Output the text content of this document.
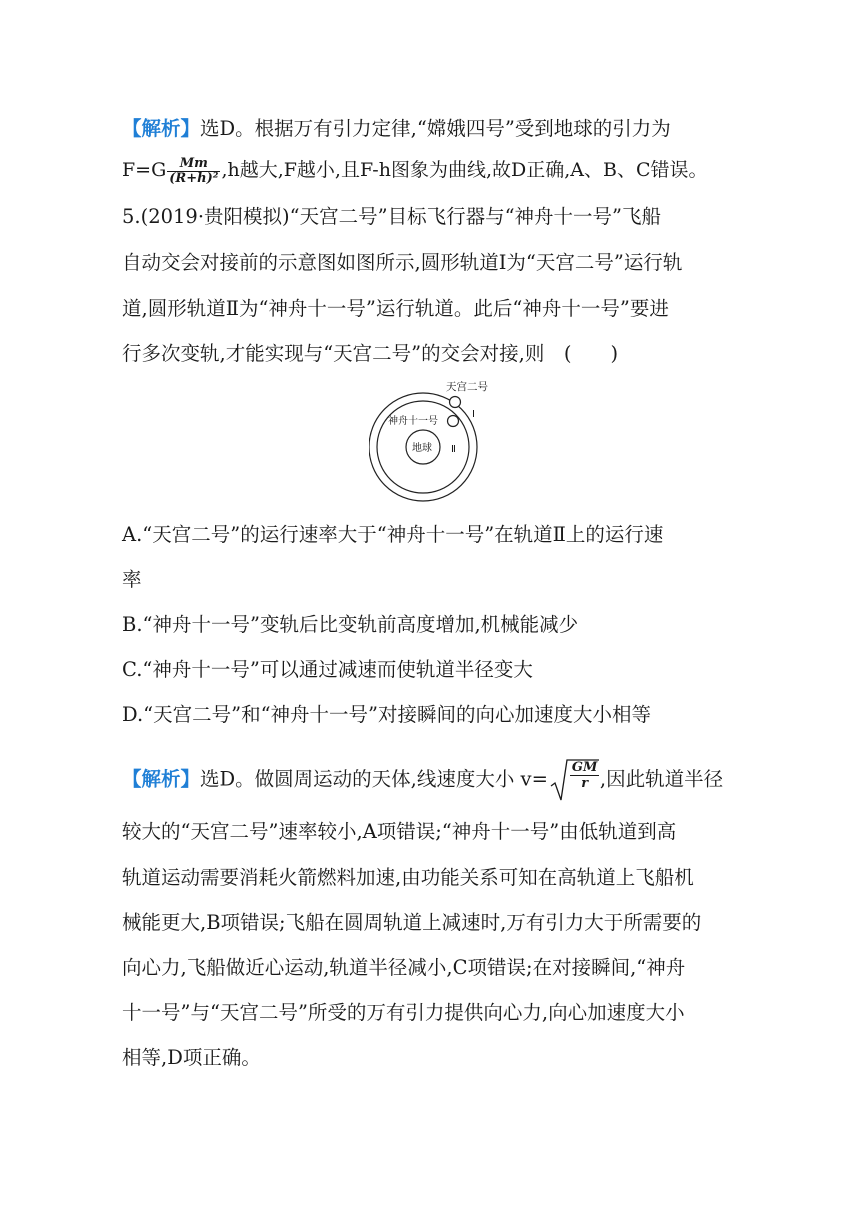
【解析】选D。根据万有引力定律,“嫦娥四号”受到地球的引力为
$F=G \frac{Mm}{\text{(R+h)²}} ,h$越大,F越小,且F-h图象为曲线,故D正确,A、B、C错误。
5.(2019·贵阳模拟)“天宫二号”目标飞行器与“神舟十一号”飞船
自动交会对接前的示意图如图所示,圆形轨道Ⅰ为“天宫二号”运行轨
道,圆形轨道Ⅱ为“神舟十一号”运行轨道。此后“神舟十一号”要进
行多次变轨,才能实现与“天宫二号”的交会对接,则　(　　)
天宫二号
神舟十一号
地球
Ⅰ
Ⅱ
A.“天宫二号”的运行速率大于“神舟十一号”在轨道Ⅱ上的运行速
率
B.“神舟十一号”变轨后比变轨前高度增加,机械能减少
C.“神舟十一号”可以通过减速而使轨道半径变大
D.“天宫二号”和“神舟十一号”对接瞬间的向心加速度大小相等
【解析】选D。做圆周运动的天体,线速度大小 $v= \frac{GM}{r}$ ,因此轨道半径
较大的“天宫二号”速率较小,A项错误;“神舟十一号”由低轨道到高
轨道运动需要消耗火箭燃料加速,由功能关系可知在高轨道上飞船机
械能更大,B项错误;飞船在圆周轨道上减速时,万有引力大于所需要的
向心力,飞船做近心运动,轨道半径减小,C项错误;在对接瞬间,“神舟
十一号”与“天宫二号”所受的万有引力提供向心力,向心加速度大小
相等,D项正确。
